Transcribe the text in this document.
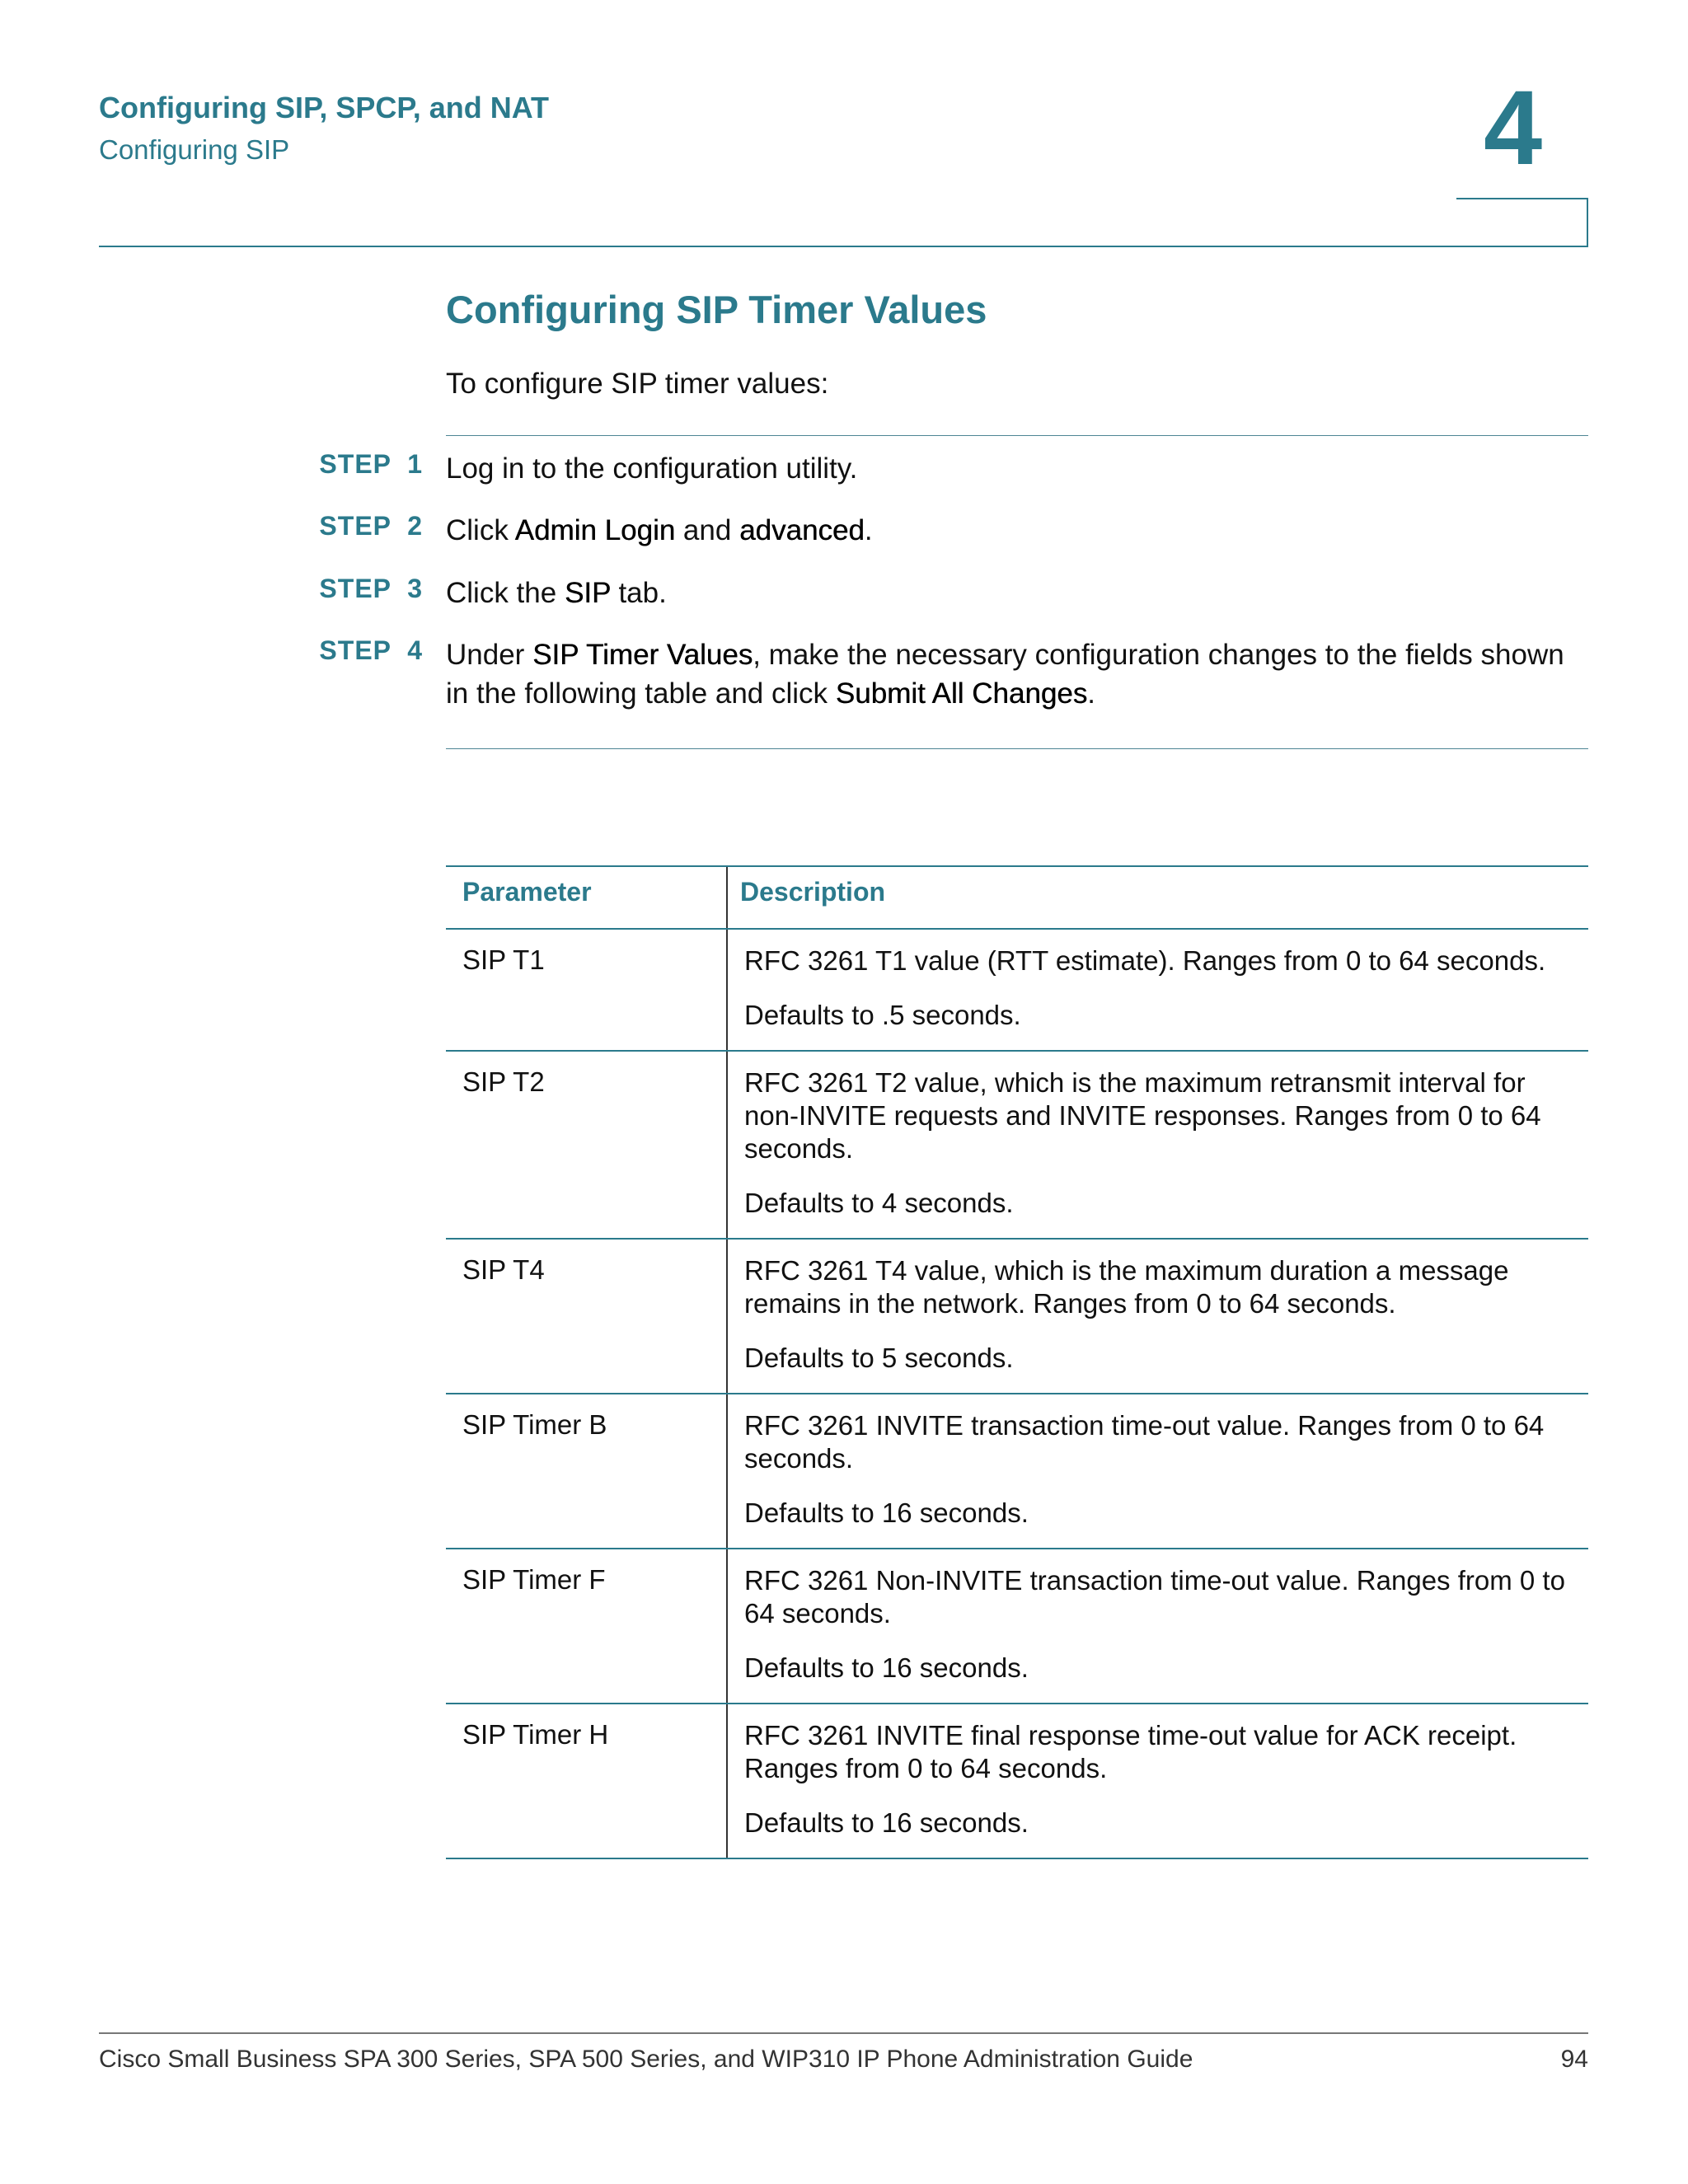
Configuring SIP, SPCP, and NAT
Configuring SIP	4
Configuring SIP Timer Values
To configure SIP timer values:
STEP  1 Log in to the configuration utility.
STEP  2 Click Admin Login and advanced.
STEP  3 Click the SIP tab.
STEP  4 Under SIP Timer Values, make the necessary configuration changes to the fields shown in the following table and click Submit All Changes.
Parameter	Description
SIP T1	RFC 3261 T1 value (RTT estimate). Ranges from 0 to 64 seconds.

Defaults to .5 seconds.

SIP T2	RFC 3261 T2 value, which is the maximum retransmit interval for non-INVITE requests and INVITE responses. Ranges from 0 to 64 seconds.

Defaults to 4 seconds.

SIP T4	RFC 3261 T4 value, which is the maximum duration a message remains in the network. Ranges from 0 to 64 seconds.

Defaults to 5 seconds.

SIP Timer B	RFC 3261 INVITE transaction time-out value. Ranges from 0 to 64 seconds.

Defaults to 16 seconds.

SIP Timer F	RFC 3261 Non-INVITE transaction time-out value. Ranges from 0 to 64 seconds.

Defaults to 16 seconds.

SIP Timer H	RFC 3261 INVITE final response time-out value for ACK receipt. Ranges from 0 to 64 seconds.

Defaults to 16 seconds.

Cisco Small Business SPA 300 Series, SPA 500 Series, and WIP310 IP Phone Administration Guide	94
